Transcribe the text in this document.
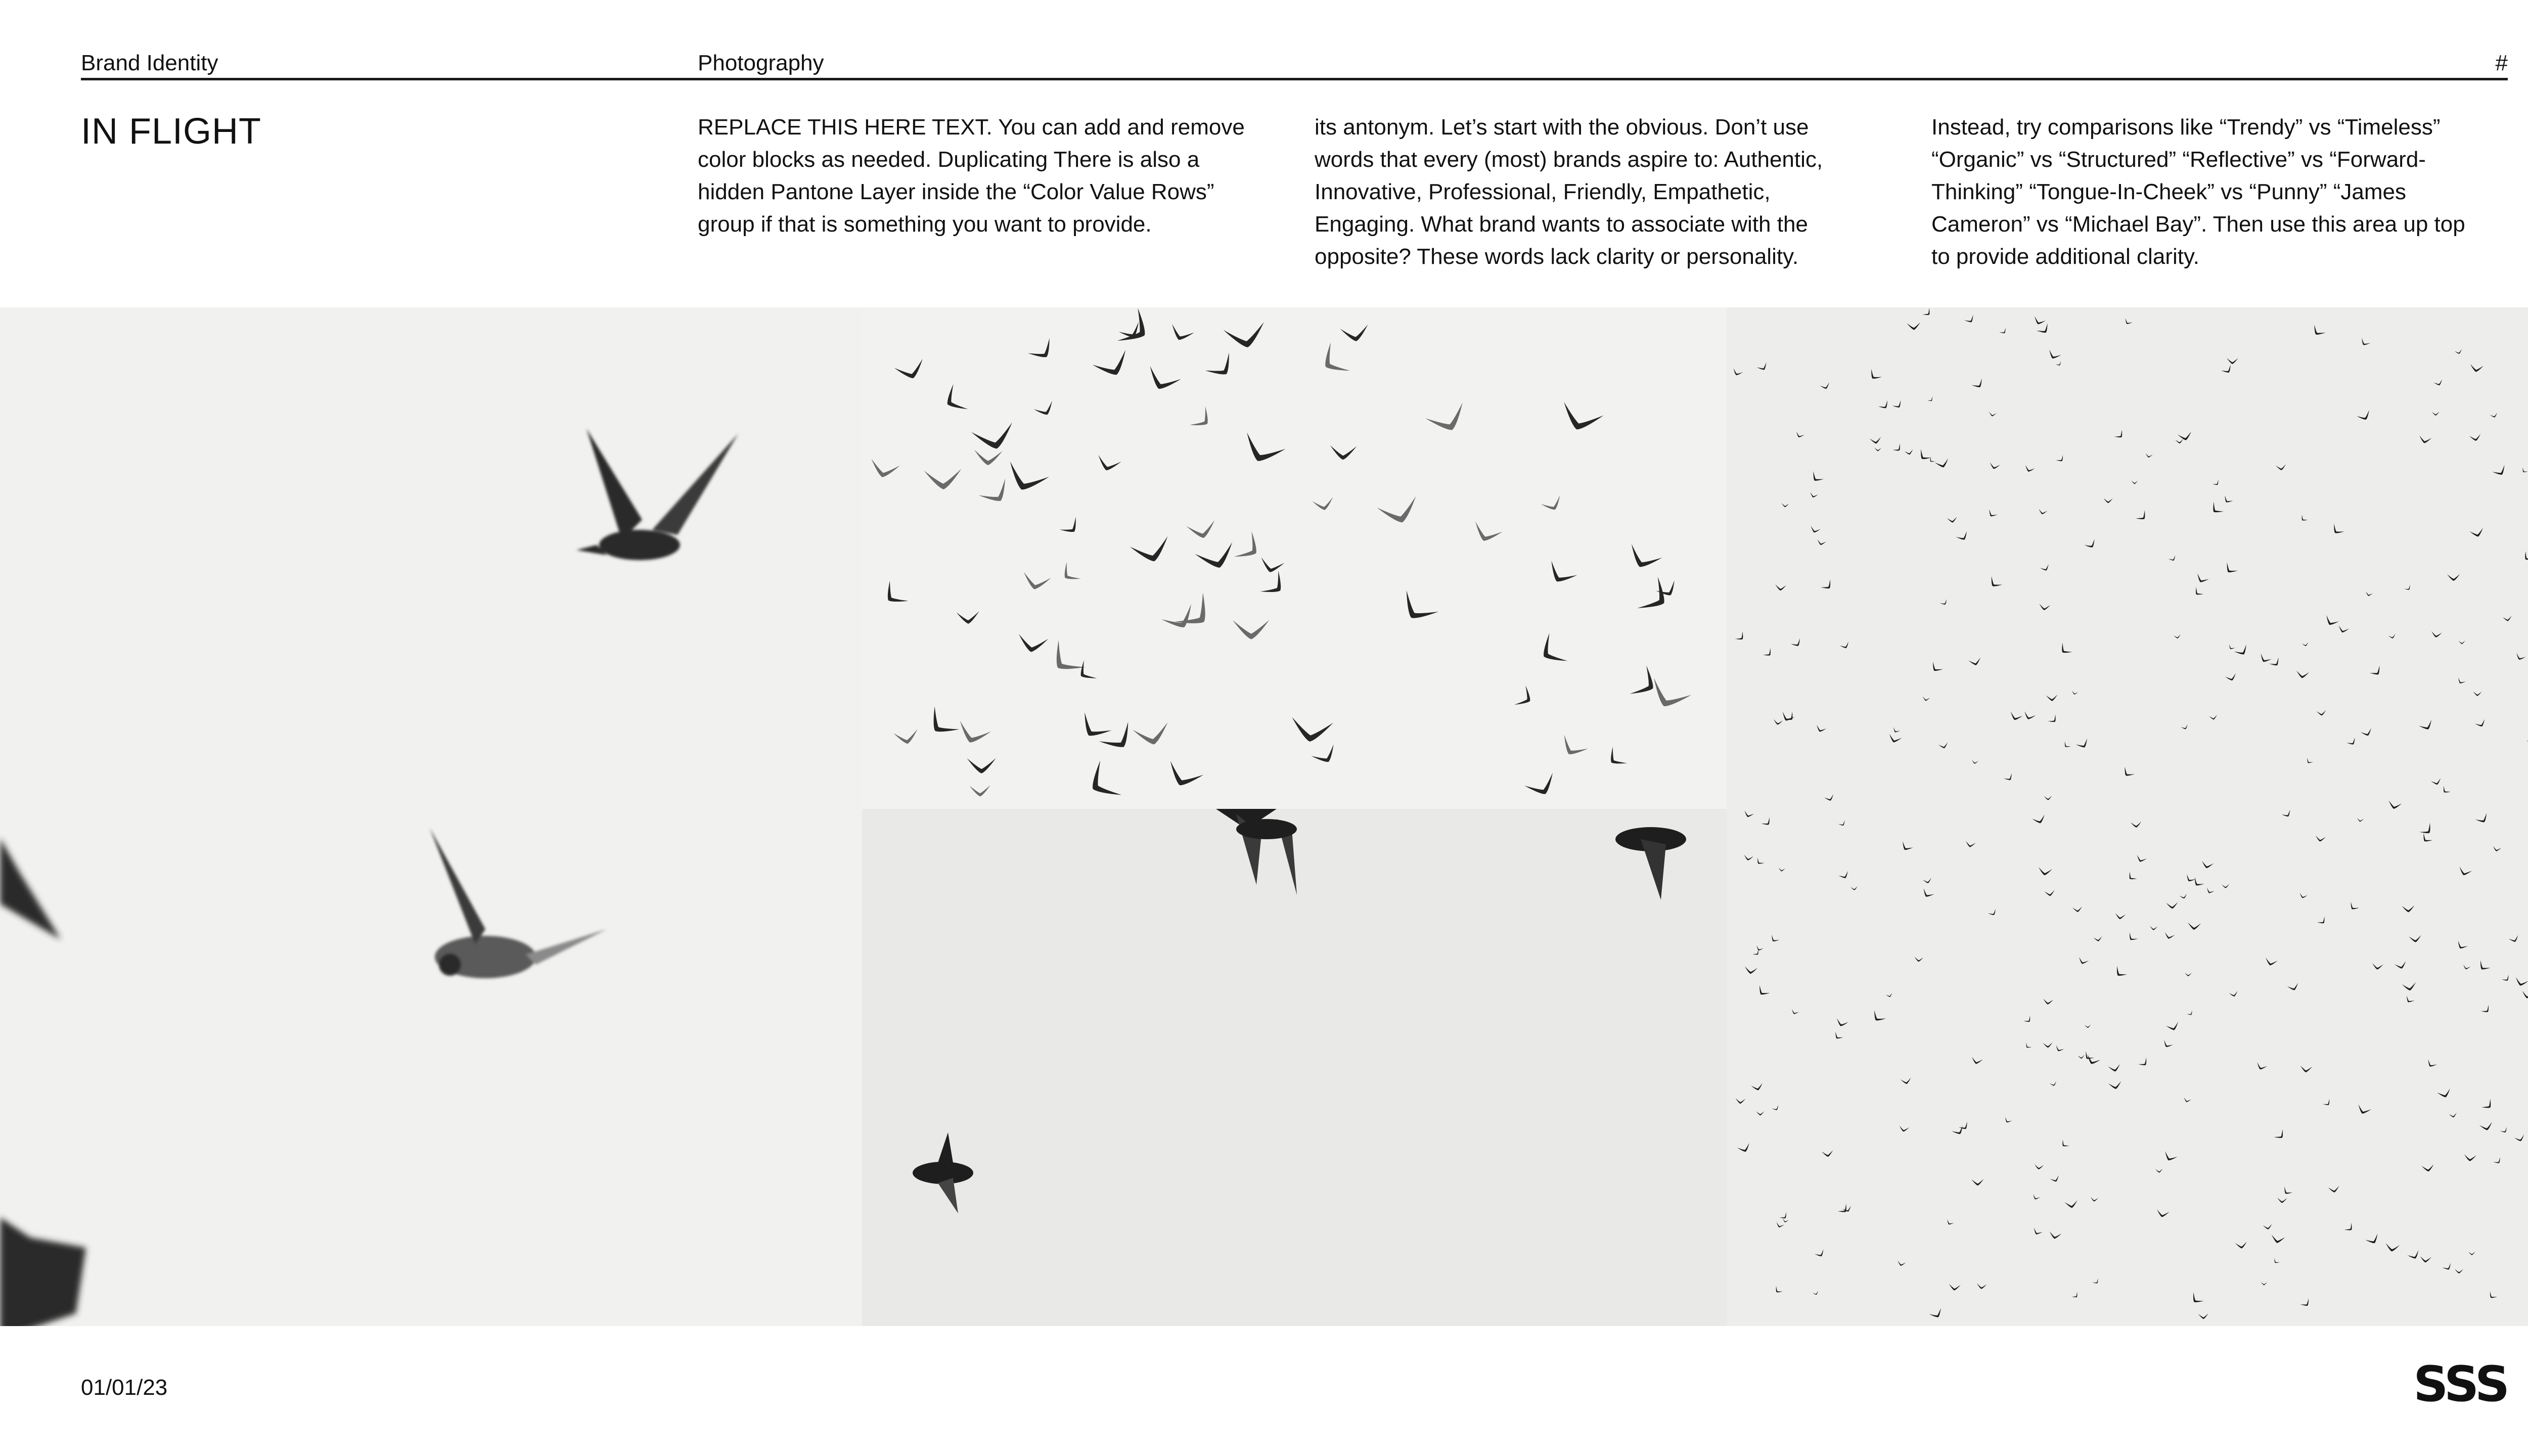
Brand Identity	Photography	#
IN FLIGHT	REPLACE THIS HERE TEXT. You can add and remove
color blocks as needed. Duplicating There is also a
hidden Pantone Layer inside the “Color Value Rows”
group if that is something you want to provide.
its antonym. Let’s start with the obvious. Don’t use
words that every (most) brands aspire to: Authentic,
Innovative, Professional, Friendly, Empathetic,
Engaging. What brand wants to associate with the
opposite? These words lack clarity or personality.
Instead, try comparisons like “Trendy” vs “Timeless”
“Organic” vs “Structured” “Reflective” vs “Forward-
Thinking” “Tongue-In-Cheek” vs “Punny” “James
Cameron” vs “Michael Bay”. Then use this area up top
to provide additional clarity.
01/01/23	SSS
